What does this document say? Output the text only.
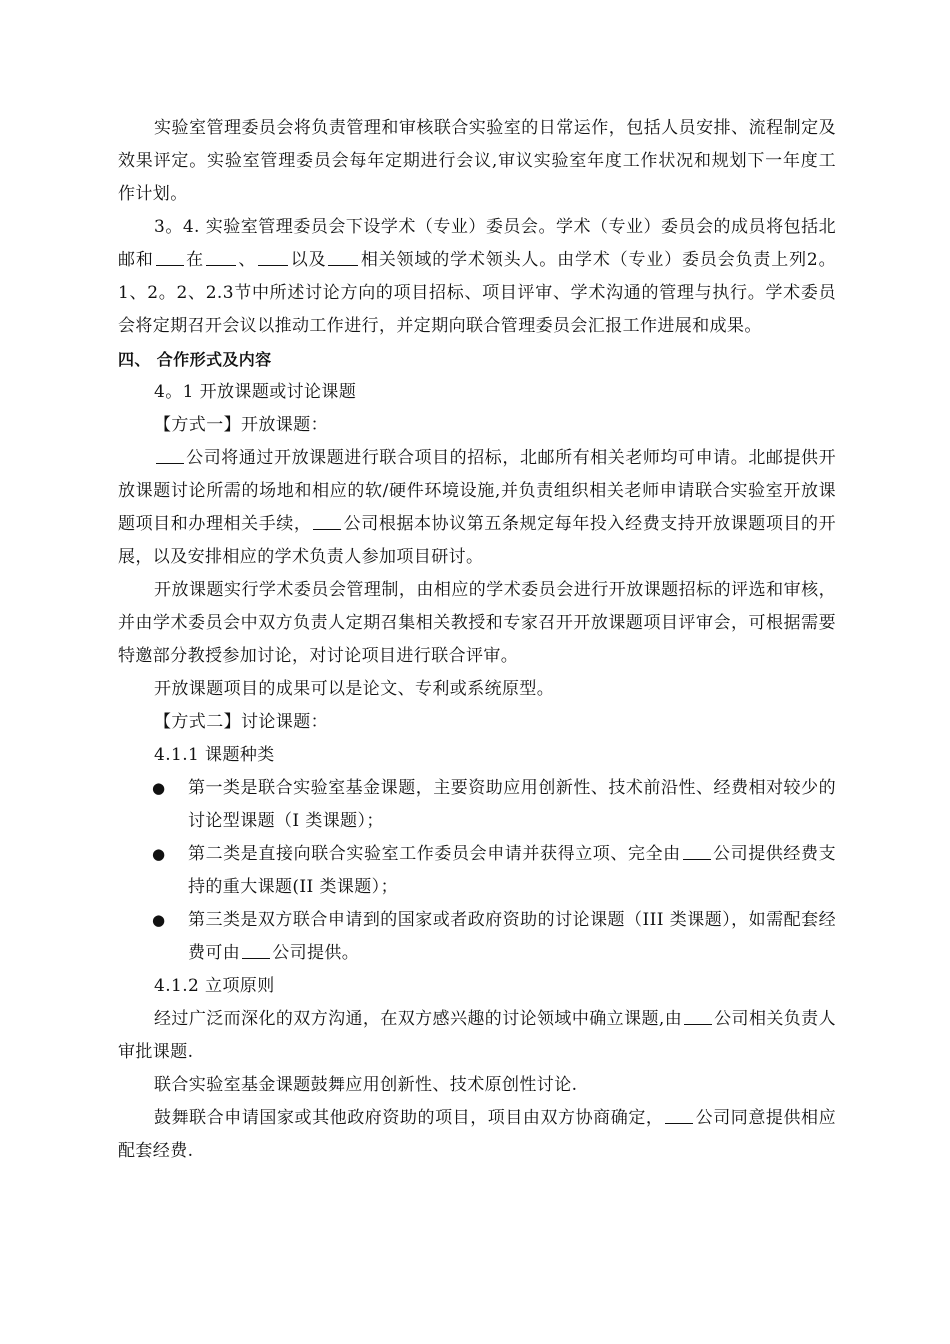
实验室管理委员会将负责管理和审核联合实验室的日常运作，包括人员安排、流程制定及效果评定。实验室管理委员会每年定期进行会议,审议实验室年度工作状况和规划下一年度工作计划。

3。4. 实验室管理委员会下设学术（专业）委员会。学术（专业）委员会的成员将包括北邮和 在 、 以及 相关领域的学术领头人。由学术（专业）委员会负责上列2。1、2。2、2.3节中所述讨论方向的项目招标、项目评审、学术沟通的管理与执行。学术委员会将定期召开会议以推动工作进行，并定期向联合管理委员会汇报工作进展和成果。

四、 合作形式及内容

4。1 开放课题或讨论课题

【方式一】开放课题：

公司将通过开放课题进行联合项目的招标，北邮所有相关老师均可申请。北邮提供开放课题讨论所需的场地和相应的软/硬件环境设施,并负责组织相关老师申请联合实验室开放课题项目和办理相关手续， 公司根据本协议第五条规定每年投入经费支持开放课题项目的开展，以及安排相应的学术负责人参加项目研讨。

开放课题实行学术委员会管理制，由相应的学术委员会进行开放课题招标的评选和审核，并由学术委员会中双方负责人定期召集相关教授和专家召开开放课题项目评审会，可根据需要特邀部分教授参加讨论，对讨论项目进行联合评审。

开放课题项目的成果可以是论文、专利或系统原型。

【方式二】讨论课题：

4.1.1 课题种类

● 第一类是联合实验室基金课题，主要资助应用创新性、技术前沿性、经费相对较少的讨论型课题（I 类课题）；
● 第二类是直接向联合实验室工作委员会申请并获得立项、完全由 公司提供经费支持的重大课题(II 类课题）；
● 第三类是双方联合申请到的国家或者政府资助的讨论课题（III 类课题），如需配套经费可由 公司提供。

4.1.2 立项原则

经过广泛而深化的双方沟通，在双方感兴趣的讨论领域中确立课题,由 公司相关负责人审批课题.

联合实验室基金课题鼓舞应用创新性、技术原创性讨论.

鼓舞联合申请国家或其他政府资助的项目，项目由双方协商确定， 公司同意提供相应配套经费.
